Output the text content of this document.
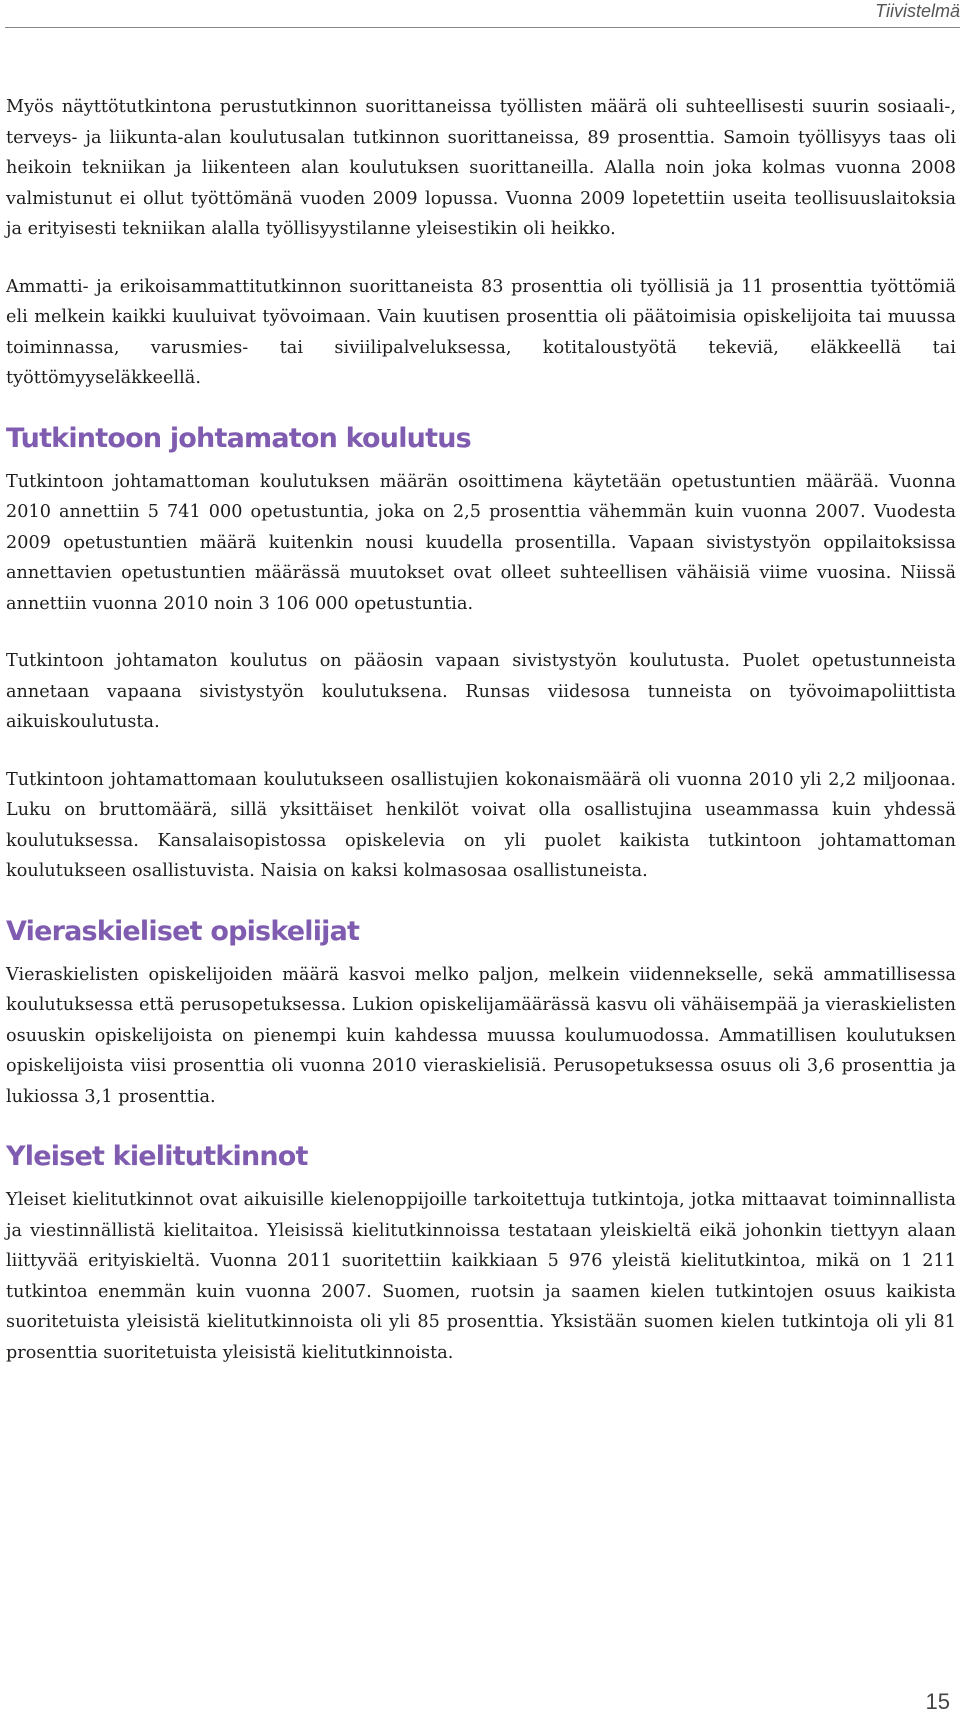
Tiivistelmä

Myös näyttötutkintona perustutkinnon suorittaneissa työllisten määrä oli suhteellisesti suurin sosiaali-, terveys- ja liikunta-alan koulutusalan tutkinnon suorittaneissa, 89 prosenttia. Samoin työllisyys taas oli heikoin tekniikan ja liikenteen alan koulutuksen suorittaneilla. Alalla noin joka kolmas vuonna 2008 valmistunut ei ollut työttömänä vuoden 2009 lopussa. Vuonna 2009 lopetettiin useita teollisuuslaitoksia ja erityisesti tekniikan alalla työllisyystilanne yleisestikin oli heikko.

Ammatti- ja erikoisammattitutkinnon suorittaneista 83 prosenttia oli työllisiä ja 11 prosenttia työttömiä eli melkein kaikki kuuluivat työvoimaan. Vain kuutisen prosenttia oli päätoimisia opiskelijoita tai muussa toiminnassa, varusmies- tai siviilipalveluksessa, kotitaloustyötä tekeviä, eläkkeellä tai työttömyyseläkkeellä.

Tutkintoon johtamaton koulutus

Tutkintoon johtamattoman koulutuksen määrän osoittimena käytetään opetustuntien määrää. Vuonna 2010 annettiin 5 741 000 opetustuntia, joka on 2,5 prosenttia vähemmän kuin vuonna 2007. Vuodesta 2009 opetustuntien määrä kuitenkin nousi kuudella prosentilla. Vapaan sivistystyön oppilaitoksissa annettavien opetustuntien määrässä muutokset ovat olleet suhteellisen vähäisiä viime vuosina. Niissä annettiin vuonna 2010 noin 3 106 000 opetustuntia.

Tutkintoon johtamaton koulutus on pääosin vapaan sivistystyön koulutusta. Puolet opetustunneista annetaan vapaana sivistystyön koulutuksena. Runsas viidesosa tunneista on työvoimapoliittista aikuiskoulutusta.

Tutkintoon johtamattomaan koulutukseen osallistujien kokonaismäärä oli vuonna 2010 yli 2,2 miljoonaa. Luku on bruttomäärä, sillä yksittäiset henkilöt voivat olla osallistujina useammassa kuin yhdessä koulutuksessa. Kansalaisopistossa opiskelevia on yli puolet kaikista tutkintoon johtamattoman koulutukseen osallistuvista. Naisia on kaksi kolmasosaa osallistuneista.

Vieraskieliset opiskelijat

Vieraskielisten opiskelijoiden määrä kasvoi melko paljon, melkein viidennekselle, sekä ammatillisessa koulutuksessa että perusopetuksessa. Lukion opiskelijamäärässä kasvu oli vähäisempää ja vieraskielisten osuuskin opiskelijoista on pienempi kuin kahdessa muussa koulumuodossa. Ammatillisen koulutuksen opiskelijoista viisi prosenttia oli vuonna 2010 vieraskielisiä. Perusopetuksessa osuus oli 3,6 prosenttia ja lukiossa 3,1 prosenttia.

Yleiset kielitutkinnot

Yleiset kielitutkinnot ovat aikuisille kielenoppijoille tarkoitettuja tutkintoja, jotka mittaavat toiminnallista ja viestinnällistä kielitaitoa. Yleisissä kielitutkinnoissa testataan yleiskieltä eikä johonkin tiettyyn alaan liittyvää erityiskieltä. Vuonna 2011 suoritettiin kaikkiaan 5 976 yleistä kielitutkintoa, mikä on 1 211 tutkintoa enemmän kuin vuonna 2007. Suomen, ruotsin ja saamen kielen tutkintojen osuus kaikista suoritetuista yleisistä kielitutkinnoista oli yli 85 prosenttia. Yksistään suomen kielen tutkintoja oli yli 81 prosenttia suoritetuista yleisistä kielitutkinnoista.

15
